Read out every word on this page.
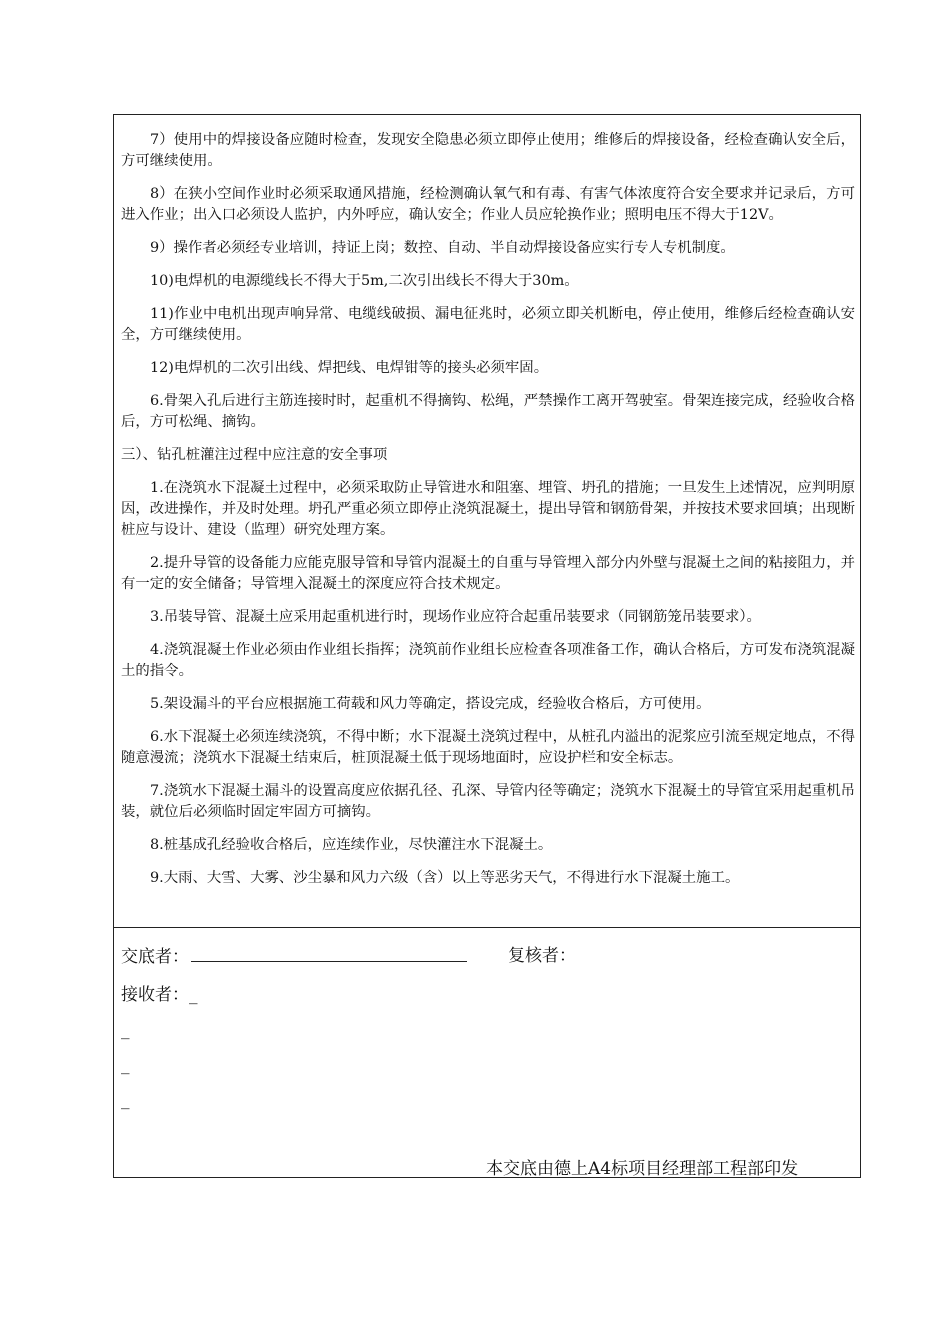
7）使用中的焊接设备应随时检查，发现安全隐患必须立即停止使用；维修后的焊接设备，经检查确认安全后，方可继续使用。

8）在狭小空间作业时必须采取通风措施，经检测确认氧气和有毒、有害气体浓度符合安全要求并记录后，方可进入作业；出入口必须设人监护，内外呼应，确认安全；作业人员应轮换作业；照明电压不得大于12V。

9）操作者必须经专业培训，持证上岗；数控、自动、半自动焊接设备应实行专人专机制度。

10)电焊机的电源缆线长不得大于5m,二次引出线长不得大于30m。

11)作业中电机出现声响异常、电缆线破损、漏电征兆时，必须立即关机断电，停止使用，维修后经检查确认安全，方可继续使用。

12)电焊机的二次引出线、焊把线、电焊钳等的接头必须牢固。

6.骨架入孔后进行主筋连接时时，起重机不得摘钩、松绳，严禁操作工离开驾驶室。骨架连接完成，经验收合格后，方可松绳、摘钩。

三）、钻孔桩灌注过程中应注意的安全事项

1.在浇筑水下混凝土过程中，必须采取防止导管进水和阻塞、埋管、坍孔的措施；一旦发生上述情况，应判明原因，改进操作，并及时处理。坍孔严重必须立即停止浇筑混凝土，提出导管和钢筋骨架，并按技术要求回填；出现断桩应与设计、建设（监理）研究处理方案。

2.提升导管的设备能力应能克服导管和导管内混凝土的自重与导管埋入部分内外壁与混凝土之间的粘接阻力，并有一定的安全储备；导管埋入混凝土的深度应符合技术规定。

3.吊装导管、混凝土应采用起重机进行时，现场作业应符合起重吊装要求（同钢筋笼吊装要求）。

4.浇筑混凝土作业必须由作业组长指挥；浇筑前作业组长应检查各项准备工作，确认合格后，方可发布浇筑混凝土的指令。

5.架设漏斗的平台应根据施工荷载和风力等确定，搭设完成，经验收合格后，方可使用。

6.水下混凝土必须连续浇筑，不得中断；水下混凝土浇筑过程中，从桩孔内溢出的泥浆应引流至规定地点，不得随意漫流；浇筑水下混凝土结束后，桩顶混凝土低于现场地面时，应设护栏和安全标志。

7.浇筑水下混凝土漏斗的设置高度应依据孔径、孔深、导管内径等确定；浇筑水下混凝土的导管宜采用起重机吊装，就位后必须临时固定牢固方可摘钩。

8.桩基成孔经验收合格后，应连续作业，尽快灌注水下混凝土。

9.大雨、大雪、大雾、沙尘暴和风力六级（含）以上等恶劣天气，不得进行水下混凝土施工。

交底者：	复核者：
接收者：_
_
_
_
本交底由德上A4标项目经理部工程部印发
